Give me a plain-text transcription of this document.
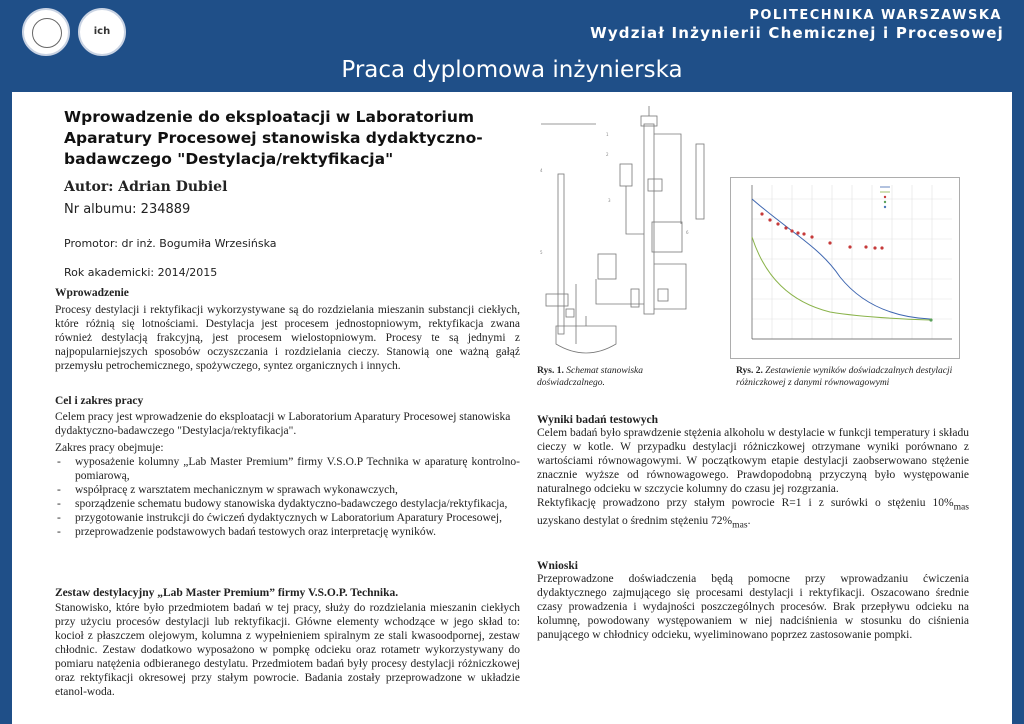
ich
POLITECHNIKA WARSZAWSKA
Wydział Inżynierii Chemicznej i Procesowej
Praca dyplomowa inżynierska
Wprowadzenie do eksploatacji w Laboratorium Aparatury Procesowej stanowiska dydaktyczno-badawczego "Destylacja/rektyfikacja"
Autor: Adrian Dubiel
Nr albumu: 234889
Promotor: dr inż. Bogumiła Wrzesińska
Rok akademicki: 2014/2015

Wprowadzenie

Procesy destylacji i rektyfikacji wykorzystywane są do rozdzielania mieszanin substancji ciekłych, które różnią się lotnościami. Destylacja jest procesem jednostopniowym, rektyfikacja zwana również destylacją frakcyjną, jest procesem wielostopniowym. Procesy te są jednymi z najpopularniejszych sposobów oczyszczania i rozdzielania cieczy. Stanowią one ważną gałąź przemysłu petrochemicznego, spożywczego, syntez organicznych i innych.

Cel i zakres pracy

Celem pracy jest wprowadzenie do eksploatacji w Laboratorium Aparatury Procesowej stanowiska dydaktyczno-badawczego "Destylacja/rektyfikacja".

Zakres pracy obejmuje:

- wyposażenie kolumny „Lab Master Premium” firmy V.S.O.P Technika w aparaturę kontrolno-pomiarową,
- współpracę z warsztatem mechanicznym w sprawach wykonawczych,
- sporządzenie schematu budowy stanowiska dydaktyczno-badawczego destylacja/rektyfikacja,
- przygotowanie instrukcji do ćwiczeń dydaktycznych w Laboratorium Aparatury Procesowej,
- przeprowadzenie podstawowych badań testowych oraz interpretację wyników.

Zestaw destylacyjny „Lab Master Premium” firmy V.S.O.P. Technika.

Stanowisko, które było przedmiotem badań w tej pracy, służy do rozdzielania mieszanin ciekłych przy użyciu procesów destylacji lub rektyfikacji. Główne elementy wchodzące w jego skład to: kocioł z płaszczem olejowym, kolumna z wypełnieniem spiralnym ze stali kwasoodpornej, zestaw chłodnic. Zestaw dodatkowo wyposażono w pompkę odcieku oraz rotametr wykorzystywany do pomiaru natężenia odbieranego destylatu. Przedmiotem badań były procesy destylacji różniczkowej oraz rektyfikacji okresowej przy stałym powrocie. Badania zostały przeprowadzone w układzie etanol-woda.

1
2
3
4
5
6
Rys. 1. Schemat stanowiska doświadczalnego.
Rys. 2. Zestawienie wyników doświadczalnych destylacji różniczkowej z danymi równowagowymi

Wyniki badań testowych

Celem badań było sprawdzenie stężenia alkoholu w destylacie w funkcji temperatury i składu cieczy w kotle. W przypadku destylacji różniczkowej otrzymane wyniki porównano z wartościami równowagowymi. W początkowym etapie destylacji zaobserwowano stężenie znacznie wyższe od równowagowego. Prawdopodobną przyczyną było występowanie naturalnego odcieku w szczycie kolumny do czasu jej rozgrzania.

Rektyfikację prowadzono przy stałym powrocie R=1 i z surówki o stężeniu $10\%_{mas}$ uzyskano destylat o średnim stężeniu $72\%_{mas}$.

Wnioski

Przeprowadzone doświadczenia będą pomocne przy wprowadzaniu ćwiczenia dydaktycznego zajmującego się procesami destylacji i rektyfikacji. Oszacowano średnie czasy prowadzenia i wydajności poszczególnych procesów. Brak przepływu odcieku na kolumnę, powodowany występowaniem w niej nadciśnienia w stosunku do ciśnienia panującego w chłodnicy odcieku, wyeliminowano poprzez zastosowanie pompki.
